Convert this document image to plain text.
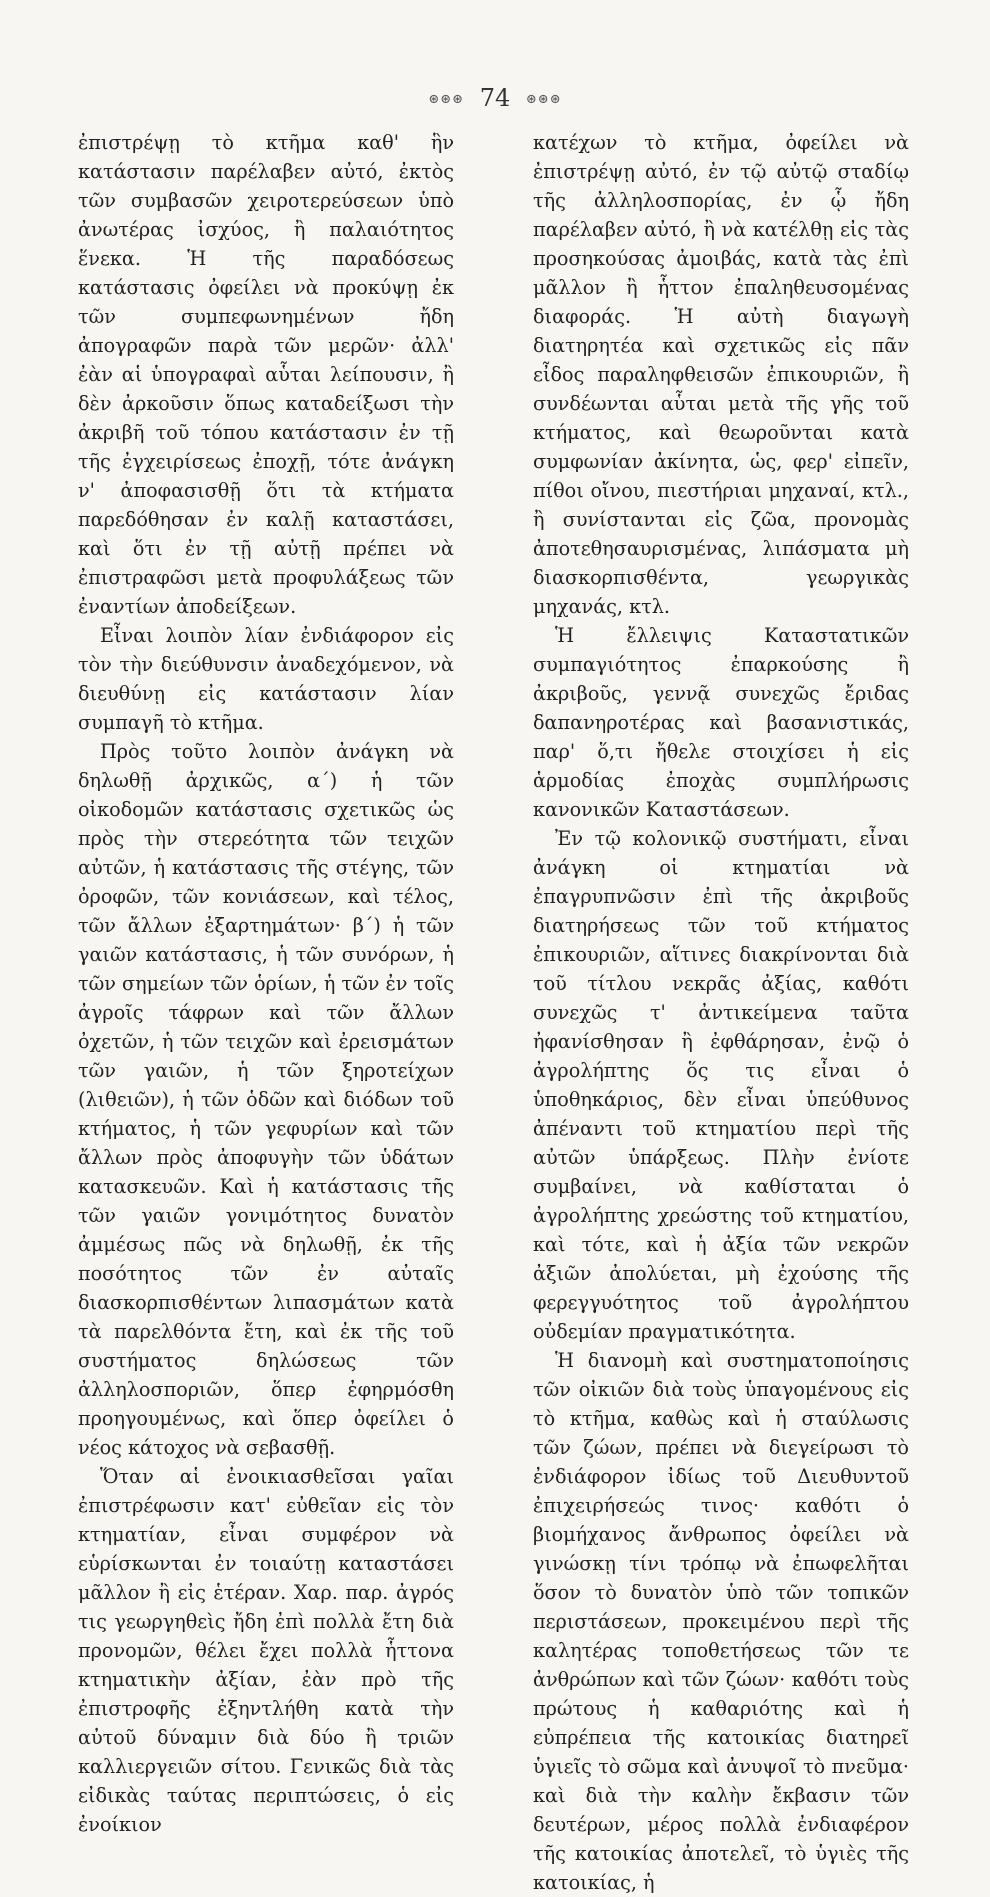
⊛⊛⊛ 74 ⊛⊛⊛

ἐπιστρέψῃ τὸ κτῆμα καθ' ἣν κατάστασιν παρέλαβεν αὐτό, ἐκτὸς τῶν συμβασῶν χειροτερεύσεων ὑπὸ ἀνωτέρας ἰσχύος, ἢ παλαιότητος ἕνεκα. Ἡ τῆς παραδόσεως κατάστασις ὀφείλει νὰ προκύψῃ ἐκ τῶν συμπεφωνημένων ἤδη ἀπογραφῶν παρὰ τῶν μερῶν· ἀλλ' ἐὰν αἱ ὑπογραφαὶ αὗται λείπουσιν, ἢ δὲν ἀρκοῦσιν ὅπως καταδείξωσι τὴν ἀκριβῆ τοῦ τόπου κατάστασιν ἐν τῇ τῆς ἐγχειρίσεως ἐποχῇ, τότε ἀνάγκη ν' ἀποφασισθῇ ὅτι τὰ κτήματα παρεδόθησαν ἐν καλῇ καταστάσει, καὶ ὅτι ἐν τῇ αὐτῇ πρέπει νὰ ἐπιστραφῶσι μετὰ προφυλάξεως τῶν ἐναντίων ἀποδείξεων.

Εἶναι λοιπὸν λίαν ἐνδιάφορον εἰς τὸν τὴν διεύθυνσιν ἀναδεχόμενον, νὰ διευθύνῃ εἰς κατάστασιν λίαν συμπαγῆ τὸ κτῆμα.

Πρὸς τοῦτο λοιπὸν ἀνάγκη νὰ δηλωθῇ ἀρχικῶς, α΄) ἡ τῶν οἰκοδομῶν κατάστασις σχετικῶς ὡς πρὸς τὴν στερεότητα τῶν τειχῶν αὐτῶν, ἡ κατάστασις τῆς στέγης, τῶν ὀροφῶν, τῶν κονιάσεων, καὶ τέλος, τῶν ἄλλων ἐξαρτημάτων· β΄) ἡ τῶν γαιῶν κατάστασις, ἡ τῶν συνόρων, ἡ τῶν σημείων τῶν ὁρίων, ἡ τῶν ἐν τοῖς ἀγροῖς τάφρων καὶ τῶν ἄλλων ὀχετῶν, ἡ τῶν τειχῶν καὶ ἐρεισμάτων τῶν γαιῶν, ἡ τῶν ξηροτείχων (λιθειῶν), ἡ τῶν ὁδῶν καὶ διόδων τοῦ κτήματος, ἡ τῶν γεφυρίων καὶ τῶν ἄλλων πρὸς ἀποφυγὴν τῶν ὑδάτων κατασκευῶν. Καὶ ἡ κατάστασις τῆς τῶν γαιῶν γονιμότητος δυνατὸν ἀμμέσως πῶς νὰ δηλωθῇ, ἐκ τῆς ποσότητος τῶν ἐν αὐταῖς διασκορπισθέντων λιπασμάτων κατὰ τὰ παρελθόντα ἔτη, καὶ ἐκ τῆς τοῦ συστήματος δηλώσεως τῶν ἀλληλοσποριῶν, ὅπερ ἐφηρμόσθη προηγουμένως, καὶ ὅπερ ὀφείλει ὁ νέος κάτοχος νὰ σεβασθῇ.

Ὅταν αἱ ἐνοικιασθεῖσαι γαῖαι ἐπιστρέφωσιν κατ' εὐθεῖαν εἰς τὸν κτηματίαν, εἶναι συμφέρον νὰ εὑρίσκωνται ἐν τοιαύτῃ καταστάσει μᾶλλον ἢ εἰς ἑτέραν. Χαρ. παρ. ἀγρός τις γεωργηθεὶς ἤδη ἐπὶ πολλὰ ἔτη διὰ προνομῶν, θέλει ἔχει πολλὰ ἧττονα κτηματικὴν ἀξίαν, ἐὰν πρὸ τῆς ἐπιστροφῆς ἐξηντλήθη κατὰ τὴν αὐτοῦ δύναμιν διὰ δύο ἢ τριῶν καλλιεργειῶν σίτου. Γενικῶς διὰ τὰς εἰδικὰς ταύτας περιπτώσεις, ὁ εἰς ἐνοίκιον

κατέχων τὸ κτῆμα, ὀφείλει νὰ ἐπιστρέψῃ αὐτό, ἐν τῷ αὐτῷ σταδίῳ τῆς ἀλληλοσπορίας, ἐν ᾧ ἤδη παρέλαβεν αὐτό, ἢ νὰ κατέλθῃ εἰς τὰς προσηκούσας ἀμοιβάς, κατὰ τὰς ἐπὶ μᾶλλον ἢ ἧττον ἐπαληθευσομένας διαφοράς. Ἡ αὐτὴ διαγωγὴ διατηρητέα καὶ σχετικῶς εἰς πᾶν εἶδος παραληφθεισῶν ἐπικουριῶν, ἢ συνδέωνται αὗται μετὰ τῆς γῆς τοῦ κτήματος, καὶ θεωροῦνται κατὰ συμφωνίαν ἀκίνητα, ὡς, φερ' εἰπεῖν, πίθοι οἴνου, πιεστήριαι μηχαναί, κτλ., ἢ συνίστανται εἰς ζῶα, προνομὰς ἀποτεθησαυρισμένας, λιπάσματα μὴ διασκορπισθέντα, γεωργικὰς μηχανάς, κτλ.

Ἡ ἔλλειψις Καταστατικῶν συμπαγιότητος ἐπαρκούσης ἢ ἀκριβοῦς, γεννᾷ συνεχῶς ἔριδας δαπανηροτέρας καὶ βασανιστικάς, παρ' ὅ,τι ἤθελε στοιχίσει ἡ εἰς ἁρμοδίας ἐποχὰς συμπλήρωσις κανονικῶν Καταστάσεων.

Ἐν τῷ κολονικῷ συστήματι, εἶναι ἀνάγκη οἱ κτηματίαι νὰ ἐπαγρυπνῶσιν ἐπὶ τῆς ἀκριβοῦς διατηρήσεως τῶν τοῦ κτήματος ἐπικουριῶν, αἵτινες διακρίνονται διὰ τοῦ τίτλου νεκρᾶς ἀξίας, καθότι συνεχῶς τ' ἀντικείμενα ταῦτα ἠφανίσθησαν ἢ ἐφθάρησαν, ἐνῷ ὁ ἀγρολήπτης ὅς τις εἶναι ὁ ὑποθηκάριος, δὲν εἶναι ὑπεύθυνος ἀπέναντι τοῦ κτηματίου περὶ τῆς αὐτῶν ὑπάρξεως. Πλὴν ἐνίοτε συμβαίνει, νὰ καθίσταται ὁ ἀγρολήπτης χρεώστης τοῦ κτηματίου, καὶ τότε, καὶ ἡ ἀξία τῶν νεκρῶν ἀξιῶν ἀπολύεται, μὴ ἐχούσης τῆς φερεγγυότητος τοῦ ἀγρολήπτου οὐδεμίαν πραγματικότητα.

Ἡ διανομὴ καὶ συστηματοποίησις τῶν οἰκιῶν διὰ τοὺς ὑπαγομένους εἰς τὸ κτῆμα, καθὼς καὶ ἡ σταύλωσις τῶν ζώων, πρέπει νὰ διεγείρωσι τὸ ἐνδιάφορον ἰδίως τοῦ Διευθυντοῦ ἐπιχειρήσεώς τινος· καθότι ὁ βιομήχανος ἄνθρωπος ὀφείλει νὰ γινώσκῃ τίνι τρόπῳ νὰ ἐπωφελῆται ὅσον τὸ δυνατὸν ὑπὸ τῶν τοπικῶν περιστάσεων, προκειμένου περὶ τῆς καλητέρας τοποθετήσεως τῶν τε ἀνθρώπων καὶ τῶν ζώων· καθότι τοὺς πρώτους ἡ καθαριότης καὶ ἡ εὐπρέπεια τῆς κατοικίας διατηρεῖ ὑγιεῖς τὸ σῶμα καὶ ἀνυψοῖ τὸ πνεῦμα· καὶ διὰ τὴν καλὴν ἔκβασιν τῶν δευτέρων, μέρος πολλὰ ἐνδιαφέρον τῆς κατοικίας ἀποτελεῖ, τὸ ὑγιὲς τῆς κατοικίας, ἡ
